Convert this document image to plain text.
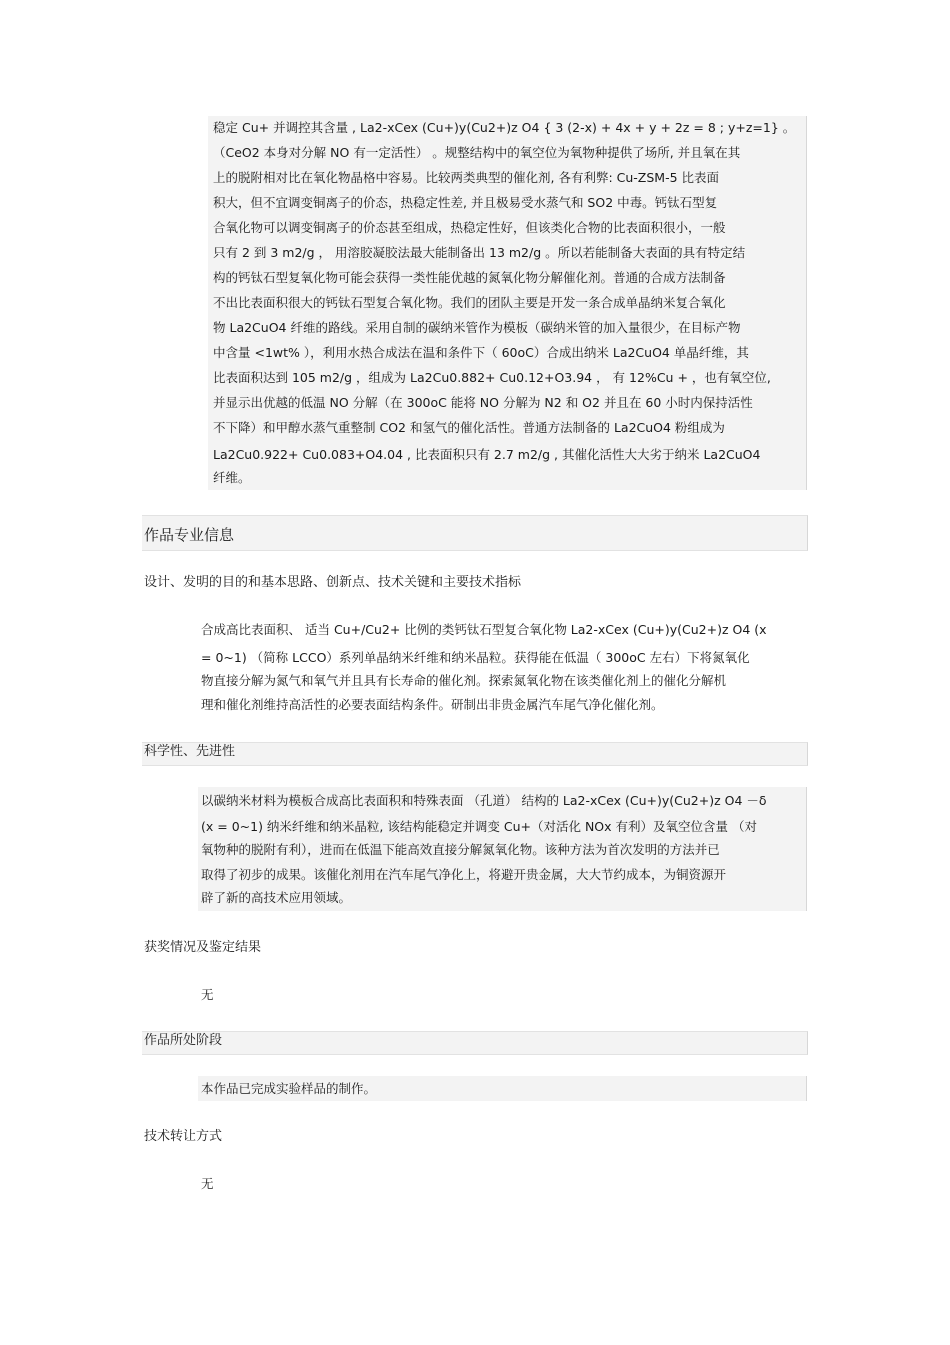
稳定 Cu+ 并调控其含量 , La2-xCex (Cu+)y(Cu2+)z O4 { 3 (2-x) + 4x + y + 2z = 8 ; y+z=1} 。
（CeO2 本身对分解 NO 有一定活性） 。规整结构中的氧空位为氧物种提供了场所, 并且氧在其
上的脱附相对比在氧化物晶格中容易。比较两类典型的催化剂, 各有利弊: Cu-ZSM-5 比表面
积大，但不宜调变铜离子的价态，热稳定性差, 并且极易受水蒸气和 SO2 中毒。钙钛石型复
合氧化物可以调变铜离子的价态甚至组成，热稳定性好，但该类化合物的比表面积很小，一般
只有 2 到 3 m2/g ， 用溶胶凝胶法最大能制备出 13 m2/g 。所以若能制备大表面的具有特定结
构的钙钛石型复氧化物可能会获得一类性能优越的氮氧化物分解催化剂。普通的合成方法制备
不出比表面积很大的钙钛石型复合氧化物。我们的团队主要是开发一条合成单晶纳米复合氧化
物 La2CuO4 纤维的路线。采用自制的碳纳米管作为模板（碳纳米管的加入量很少，在目标产物
中含量 <1wt% ），利用水热合成法在温和条件下（ 60oC）合成出纳米 La2CuO4 单晶纤维，其
比表面积达到 105 m2/g ，组成为 La2Cu0.882+ Cu0.12+O3.94 ， 有 12%Cu + ，也有氧空位,
并显示出优越的低温 NO 分解（在 300oC 能将 NO 分解为 N2 和 O2 并且在 60 小时内保持活性
不下降）和甲醇水蒸气重整制 CO2 和氢气的催化活性。普通方法制备的 La2CuO4 粉组成为
La2Cu0.922+ Cu0.083+O4.04 , 比表面积只有 2.7 m2/g , 其催化活性大大劣于纳米 La2CuO4
纤维。
作品专业信息
设计、发明的目的和基本思路、创新点、技术关键和主要技术指标
合成高比表面积、 适当 Cu+/Cu2+ 比例的类钙钛石型复合氧化物 La2-xCex (Cu+)y(Cu2+)z O4 (x
= 0~1) （简称 LCCO）系列单晶纳米纤维和纳米晶粒。获得能在低温（ 300oC 左右）下将氮氧化
物直接分解为氮气和氧气并且具有长寿命的催化剂。探索氮氧化物在该类催化剂上的催化分解机
理和催化剂维持高活性的必要表面结构条件。研制出非贵金属汽车尾气净化催化剂。
科学性、先进性
以碳纳米材料为模板合成高比表面积和特殊表面 （孔道） 结构的 La2-xCex (Cu+)y(Cu2+)z O4 －δ
(x = 0~1) 纳米纤维和纳米晶粒, 该结构能稳定并调变 Cu+（对活化 NOx 有利）及氧空位含量 （对
氧物种的脱附有利），进而在低温下能高效直接分解氮氧化物。该种方法为首次发明的方法并已
取得了初步的成果。该催化剂用在汽车尾气净化上，将避开贵金属，大大节约成本，为铜资源开
辟了新的高技术应用领域。
获奖情况及鉴定结果
无
作品所处阶段
本作品已完成实验样品的制作。
技术转让方式
无
